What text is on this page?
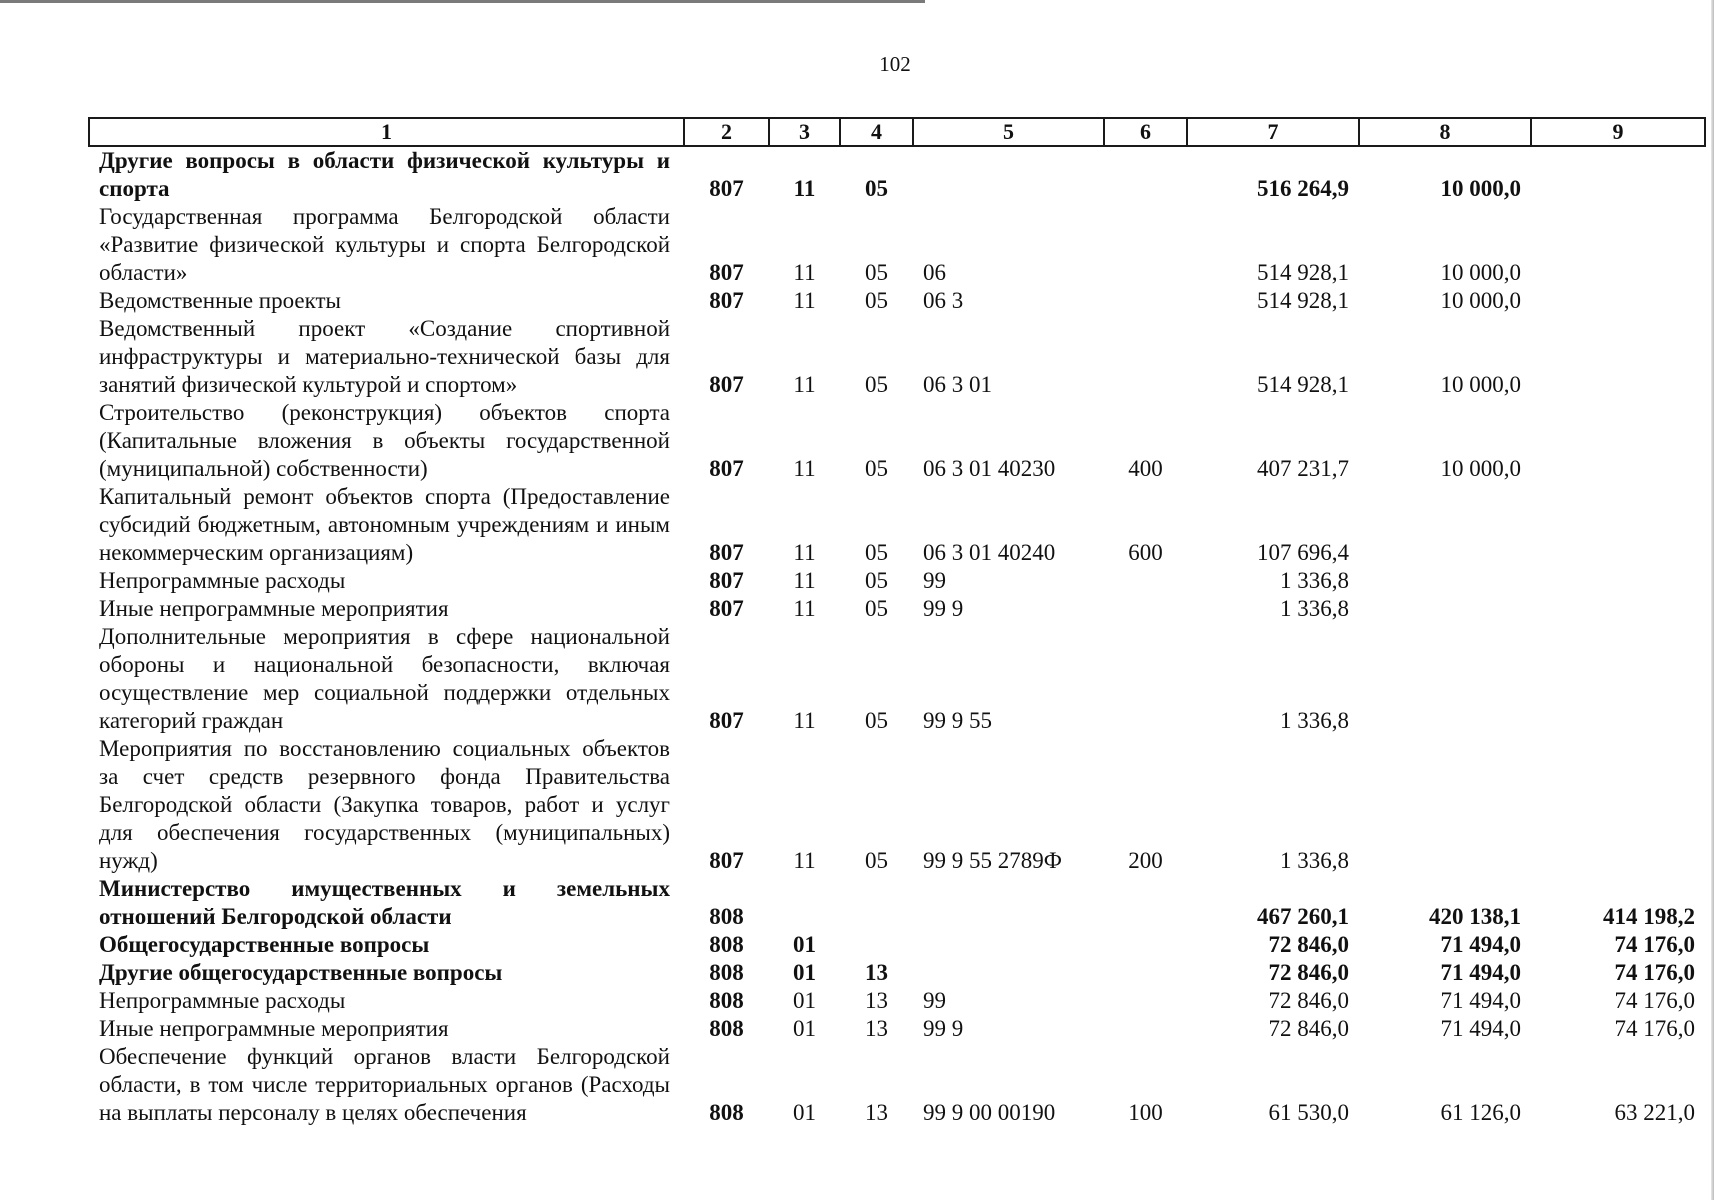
102
1	2	3	4	5	6	7	8	9
Другие вопросы в области физической культуры и спорта	807	11	05			516 264,9	10 000,0	
Государственная программа Белгородской области «Развитие физической культуры и спорта Белгородской области»	807	11	05	06		514 928,1	10 000,0	
Ведомственные проекты	807	11	05	06 3		514 928,1	10 000,0	
Ведомственный проект «Создание спортивной инфраструктуры и материально-технической базы для занятий физической культурой и спортом»	807	11	05	06 3 01		514 928,1	10 000,0	
Строительство (реконструкция) объектов спорта (Капитальные вложения в объекты государственной (муниципальной) собственности)	807	11	05	06 3 01 40230	400	407 231,7	10 000,0	
Капитальный ремонт объектов спорта (Предоставление субсидий бюджетным, автономным учреждениям и иным некоммерческим организациям)	807	11	05	06 3 01 40240	600	107 696,4		
Непрограммные расходы	807	11	05	99		1 336,8		
Иные непрограммные мероприятия	807	11	05	99 9		1 336,8		
Дополнительные мероприятия в сфере национальной обороны и национальной безопасности, включая осуществление мер социальной поддержки отдельных категорий граждан	807	11	05	99 9 55		1 336,8		
Мероприятия по восстановлению социальных объектов за счет средств резервного фонда Правительства Белгородской области (Закупка товаров, работ и услуг для обеспечения государственных (муниципальных) нужд)	807	11	05	99 9 55 2789Ф	200	1 336,8		
Министерство имущественных и земельных отношений Белгородской области	808					467 260,1	420 138,1	414 198,2
Общегосударственные вопросы	808	01				72 846,0	71 494,0	74 176,0
Другие общегосударственные вопросы	808	01	13			72 846,0	71 494,0	74 176,0
Непрограммные расходы	808	01	13	99		72 846,0	71 494,0	74 176,0
Иные непрограммные мероприятия	808	01	13	99 9		72 846,0	71 494,0	74 176,0
Обеспечение функций органов власти Белгородской области, в том числе территориальных органов (Расходы на выплаты персоналу в целях обеспечения	808	01	13	99 9 00 00190	100	61 530,0	61 126,0	63 221,0
